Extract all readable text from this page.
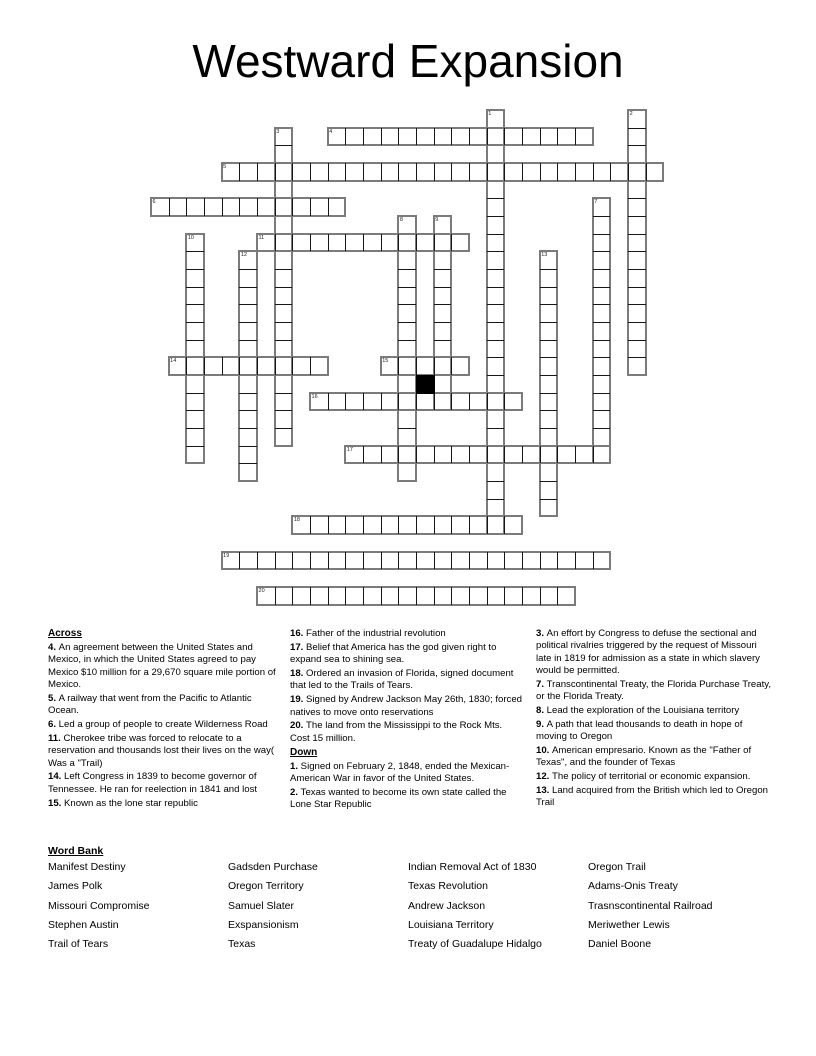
Westward Expansion
1	2
3	4
5
6	7
8	9
10	11
12	13
14	15
16
17
18
19
20
Across

4. An agreement between the United States and Mexico, in which the United States agreed to pay Mexico $10 million for a 29,670 square mile portion of Mexico.

5. A railway that went from the Pacific to Atlantic Ocean.

6. Led a group of people to create Wilderness Road

11. Cherokee tribe was forced to relocate to a reservation and thousands lost their lives on the way( Was a "Trail)

14. Left Congress in 1839 to become governor of Tennessee. He ran for reelection in 1841 and lost

15. Known as the lone star republic

16. Father of the industrial revolution

17. Belief that America has the god given right to expand sea to shining sea.

18. Ordered an invasion of Florida, signed document that led to the Trails of Tears.

19. Signed by Andrew Jackson May 26th, 1830; forced natives to move onto reservations

20. The land from the Mississippi to the Rock Mts. Cost 15 million.

Down

1. Signed on February 2, 1848, ended the Mexican-American War in favor of the United States.

2. Texas wanted to become its own state called the Lone Star Republic

3. An effort by Congress to defuse the sectional and political rivalries triggered by the request of Missouri late in 1819 for admission as a state in which slavery would be permitted.

7. Transcontinental Treaty, the Florida Purchase Treaty, or the Florida Treaty.

8. Lead the exploration of the Louisiana territory

9. A path that lead thousands to death in hope of moving to Oregon

10. American empresario. Known as the "Father of Texas", and the founder of Texas

12. The policy of territorial or economic expansion.

13. Land acquired from the British which led to Oregon Trail

Word Bank
Manifest Destiny
James Polk
Missouri Compromise
Stephen Austin
Trail of Tears
Gadsden Purchase
Oregon Territory
Samuel Slater
Exspansionism
Texas
Indian Removal Act of 1830
Texas Revolution
Andrew Jackson
Louisiana Territory
Treaty of Guadalupe Hidalgo
Oregon Trail
Adams-Onis Treaty
Trasnscontinental Railroad
Meriwether Lewis
Daniel Boone
